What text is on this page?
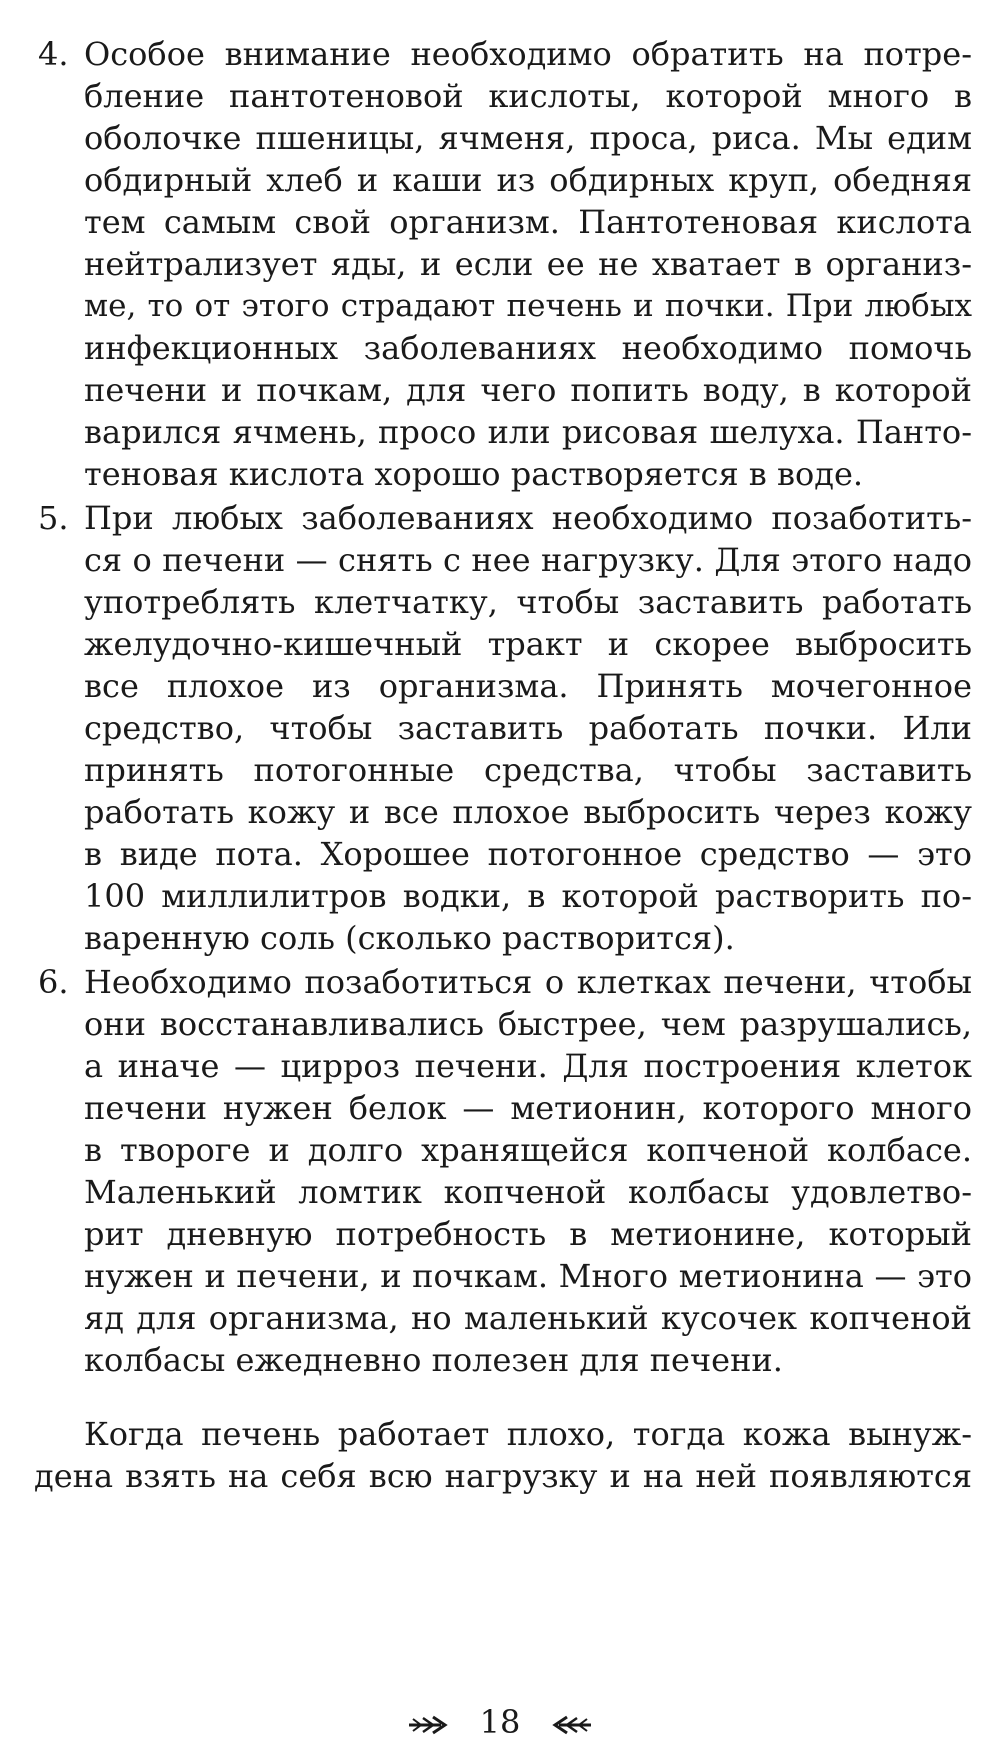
4. Особое внимание необходимо обратить на потре-
бление пантотеновой кислоты, которой много в
оболочке пшеницы, ячменя, проса, риса. Мы едим
обдирный хлеб и каши из обдирных круп, обедняя
тем самым свой организм. Пантотеновая кислота
нейтрализует яды, и если ее не хватает в организ-
ме, то от этого страдают печень и почки. При любых
инфекционных заболеваниях необходимо помочь
печени и почкам, для чего попить воду, в которой
варился ячмень, просо или рисовая шелуха. Панто-
теновая кислота хорошо растворяется в воде.
5. При любых заболеваниях необходимо позаботить-
ся о печени — снять с нее нагрузку. Для этого надо
употреблять клетчатку, чтобы заставить работать
желудочно-кишечный тракт и скорее выбросить
все плохое из организма. Принять мочегонное
средство, чтобы заставить работать почки. Или
принять потогонные средства, чтобы заставить
работать кожу и все плохое выбросить через кожу
в виде пота. Хорошее потогонное средство — это
100 миллилитров водки, в которой растворить по-
варенную соль (сколько растворится).
6. Необходимо позаботиться о клетках печени, чтобы
они восстанавливались быстрее, чем разрушались,
а иначе — цирроз печени. Для построения клеток
печени нужен белок — метионин, которого много
в твороге и долго хранящейся копченой колбасе.
Маленький ломтик копченой колбасы удовлетво-
рит дневную потребность в метионине, который
нужен и печени, и почкам. Много метионина — это
яд для организма, но маленький кусочек копченой
колбасы ежедневно полезен для печени.
Когда печень работает плохо, тогда кожа вынуж-
дена взять на себя всю нагрузку и на ней появляются
18
